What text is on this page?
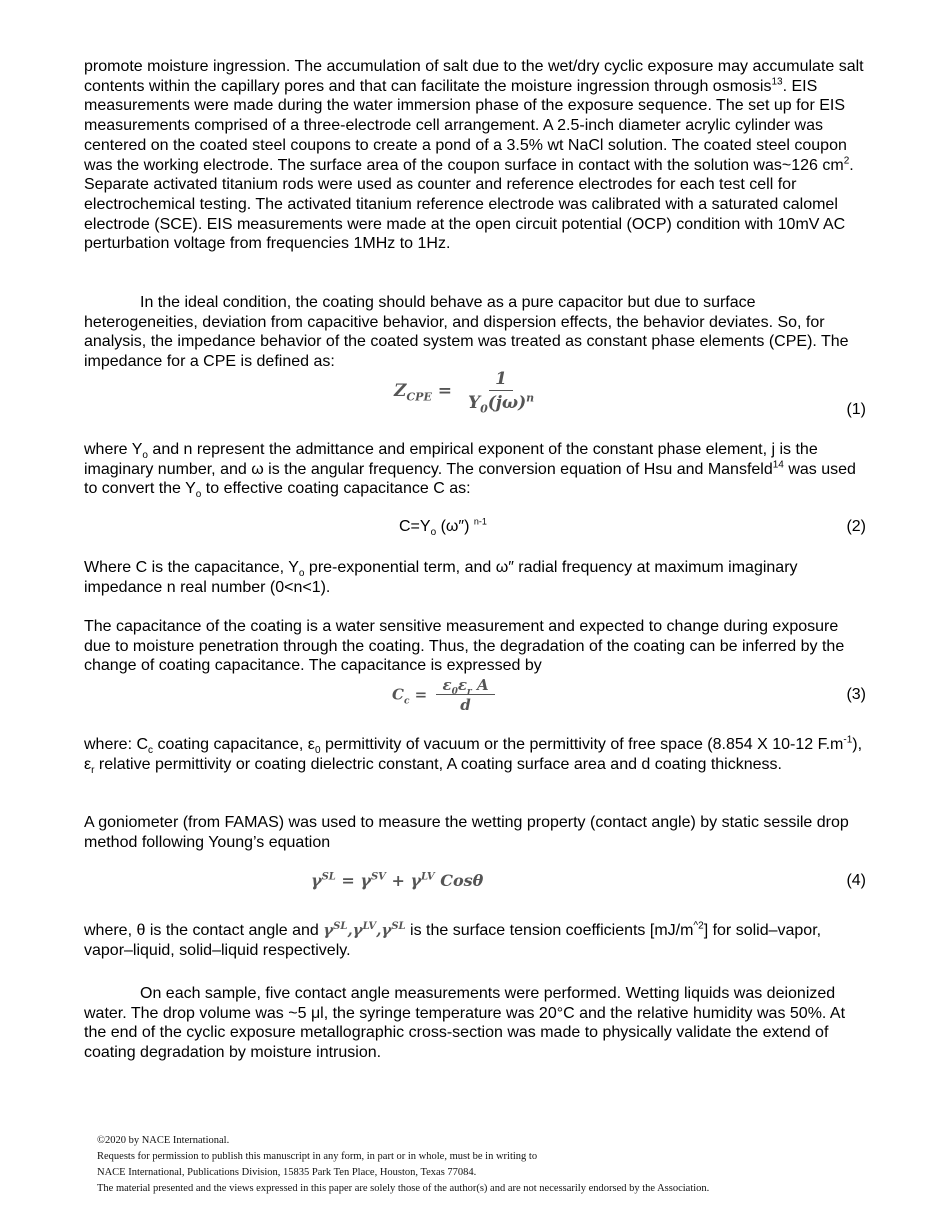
promote moisture ingression. The accumulation of salt due to the wet/dry cyclic exposure may accumulate salt contents within the capillary pores and that can facilitate the moisture ingression through osmosis$^{13}$. EIS measurements were made during the water immersion phase of the exposure sequence. The set up for EIS measurements comprised of a three-electrode cell arrangement. A 2.5-inch diameter acrylic cylinder was centered on the coated steel coupons to create a pond of a 3.5% wt NaCl solution. The coated steel coupon was the working electrode. The surface area of the coupon surface in contact with the solution was~126 $cm^2$. Separate activated titanium rods were used as counter and reference electrodes for each test cell for electrochemical testing. The activated titanium reference electrode was calibrated with a saturated calomel electrode (SCE). EIS measurements were made at the open circuit potential (OCP) condition with 10mV AC perturbation voltage from frequencies 1MHz to 1Hz.

In the ideal condition, the coating should behave as a pure capacitor but due to surface heterogeneities, deviation from capacitive behavior, and dispersion effects, the behavior deviates. So, for analysis, the impedance behavior of the coated system was treated as constant phase elements (CPE). The impedance for a CPE is defined as:

$Z_{CPE} = \frac{1}{Y_0(j\omega)^n}$	(1)

where $Y_o$ and n represent the admittance and empirical exponent of the constant phase element, j is the imaginary number, and ω is the angular frequency. The conversion equation of Hsu and Mansfeld$^{14}$ was used to convert the $Y_o$ to effective coating capacitance C as:

$C=Y_o$ (ω″) $^{n-1}$	(2)

Where C is the capacitance, $Y_o$ pre-exponential term, and ω″ radial frequency at maximum imaginary impedance n real number (0<n<1).

The capacitance of the coating is a water sensitive measurement and expected to change during exposure due to moisture penetration through the coating. Thus, the degradation of the coating can be inferred by the change of coating capacitance. The capacitance is expressed by

$C_c = \frac{\varepsilon_0\varepsilon_r A}{d}$	(3)

where: $C_c$ coating capacitance, $\varepsilon_0$ permittivity of vacuum or the permittivity of free space (8.854 X 10-12 $F.m^{-1}$), $\varepsilon_r$ relative permittivity or coating dielectric constant, A coating surface area and d coating thickness.

A goniometer (from FAMAS) was used to measure the wetting property (contact angle) by static sessile drop method following Young’s equation

$\gamma^{SL} = \gamma^{SV} + \gamma^{LV}$ Cosθ	(4)

where, θ is the contact angle and $\gamma^{SL},\gamma^{LV},\gamma^{SL}$ is the surface tension coefficients $[mJ/m^{\^{}2}]$ for solid–vapor, vapor–liquid, solid–liquid respectively.

On each sample, five contact angle measurements were performed. Wetting liquids was deionized water. The drop volume was ~5 μl, the syringe temperature was 20°C and the relative humidity was 50%. At the end of the cyclic exposure metallographic cross-section was made to physically validate the extend of coating degradation by moisture intrusion.

©2020 by NACE International.
Requests for permission to publish this manuscript in any form, in part or in whole, must be in writing to
NACE International, Publications Division, 15835 Park Ten Place, Houston, Texas 77084.
The material presented and the views expressed in this paper are solely those of the author(s) and are not necessarily endorsed by the Association.
